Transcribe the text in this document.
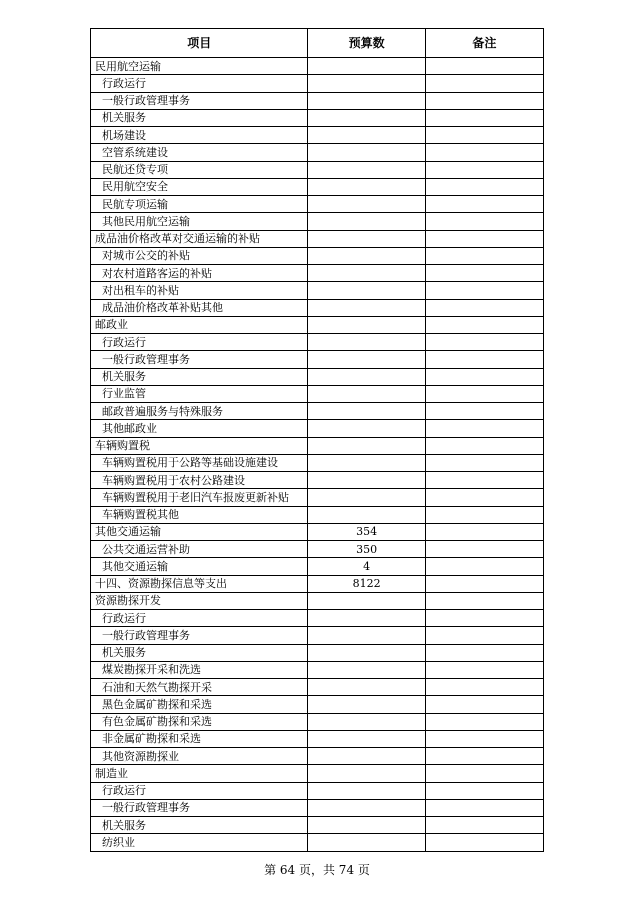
项目	预算数	备注
民用航空运输		
行政运行		
一般行政管理事务		
机关服务		
机场建设		
空管系统建设		
民航还贷专项		
民用航空安全		
民航专项运输		
其他民用航空运输		
成品油价格改革对交通运输的补贴		
对城市公交的补贴		
对农村道路客运的补贴		
对出租车的补贴		
成品油价格改革补贴其他		
邮政业		
行政运行		
一般行政管理事务		
机关服务		
行业监管		
邮政普遍服务与特殊服务		
其他邮政业		
车辆购置税		
车辆购置税用于公路等基础设施建设		
车辆购置税用于农村公路建设		
车辆购置税用于老旧汽车报废更新补贴		
车辆购置税其他		
其他交通运输	354	
公共交通运营补助	350	
其他交通运输	4	
十四、资源勘探信息等支出	8122	
资源勘探开发		
行政运行		
一般行政管理事务		
机关服务		
煤炭勘探开采和洗选		
石油和天然气勘探开采		
黑色金属矿勘探和采选		
有色金属矿勘探和采选		
非金属矿勘探和采选		
其他资源勘探业		
制造业		
行政运行		
一般行政管理事务		
机关服务		
纺织业		
第 64 页，共 74 页
